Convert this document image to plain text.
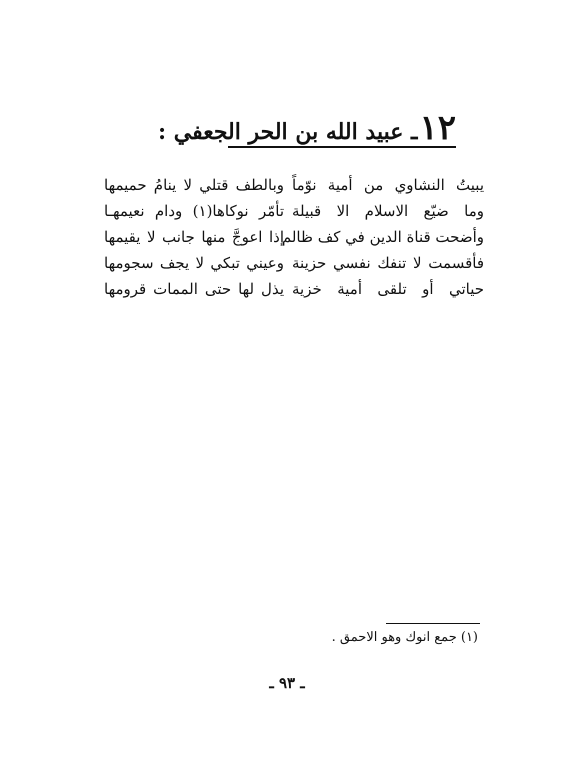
١٢ـ عبيد الله بن الحر الجعفي :
يبيتُ النشاوي من أمية نوّماً
وبالطف قتلي لا ينامُ حميمها
وما ضيّع الاسلام الا قبيلة
تأمّر نوكاها(١) ودام نعيمهـا
وأضحت قناة الدين في كف ظالم
إذا اعوجَّ منها جانب لا يقيمها
فأقسمت لا تنفك نفسي حزينة
وعيني تبكي لا يجف سجومها
حياتي أو تلقى أمية خزية
يذل لها حتى الممات قرومها
(١) جمع انوك وهو الاحمق .
ـ ٩٣ ـ
